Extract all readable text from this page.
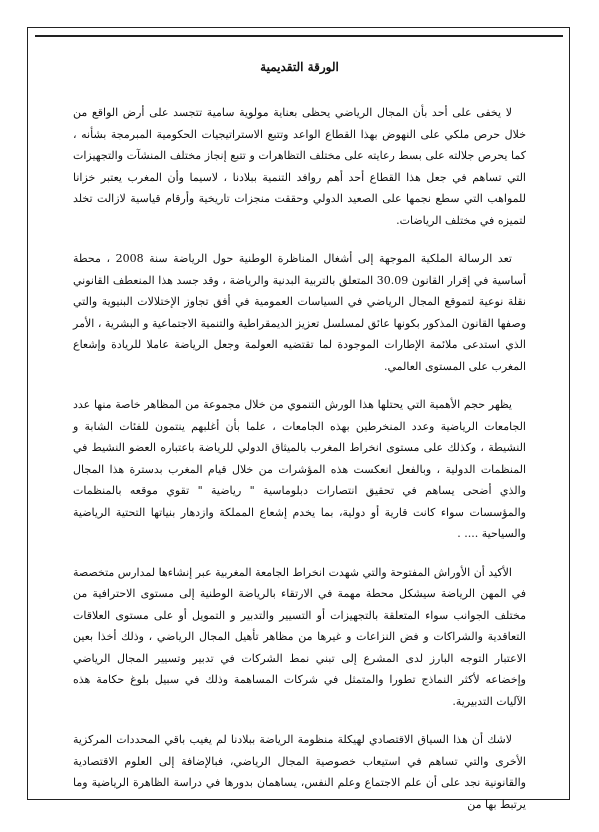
الورقة التقديمية

لا يخفى على أحد بأن المجال الرياضي يحظى بعناية مولوية سامية تتجسد على أرض الواقع من خلال حرص ملكي على النهوض بهذا القطاع الواعد وتتبع الاستراتيجيات الحكومية المبرمجة بشأنه ، كما يحرص جلالته على بسط رعايته على مختلف التظاهرات و تتبع إنجاز مختلف المنشآت والتجهيزات التي تساهم في جعل هذا القطاع أحد أهم روافد التنمية ببلادنا ، لاسيما وأن المغرب يعتبر خزانا للمواهب التي سطع نجمها على الصعيد الدولي وحققت منجزات تاريخية وأرقام قياسية لازالت تخلد لتميزه في مختلف الرياضات.

تعد الرسالة الملكية الموجهة إلى أشغال المناظرة الوطنية حول الرياضة سنة 2008 ، محطة أساسية في إقرار القانون 30.09 المتعلق بالتربية البدنية والرياضة ، وقد جسد هذا المنعطف القانوني نقلة نوعية لتموقع المجال الرياضي في السياسات العمومية في أفق تجاوز الإختلالات البنيوية والتي وصفها القانون المذكور بكونها عائق لمسلسل تعزيز الديمقراطية والتنمية الاجتماعية و البشرية ، الأمر الذي استدعى ملائمة الإطارات الموجودة لما تقتضيه العولمة وجعل الرياضة عاملا للريادة وإشعاع المغرب على المستوى العالمي.

يظهر حجم الأهمية التي يحتلها هذا الورش التنموي من خلال مجموعة من المظاهر خاصة منها عدد الجامعات الرياضية وعدد المنخرطين بهذه الجامعات ، علما بأن أغلبهم ينتمون للفئات الشابة و النشيطة ، وكذلك على مستوى انخراط المغرب بالميثاق الدولي للرياضة باعتباره العضو النشيط في المنظمات الدولية ، وبالفعل انعكست هذه المؤشرات من خلال قيام المغرب بدسترة هذا المجال والذي أضحى يساهم في تحقيق انتصارات دبلوماسية " رياضية " تقوي موقعه بالمنظمات والمؤسسات سواء كانت قارية أو دولية، بما يخدم إشعاع المملكة وازدهار بنياتها التحتية الرياضية والسياحية .... .

الأكيد أن الأوراش المفتوحة والتي شهدت انخراط الجامعة المغربية عبر إنشاءها لمدارس متخصصة في المهن الرياضة سيشكل محطة مهمة في الارتقاء بالرياضة الوطنية إلى مستوى الاحترافية من مختلف الجوانب سواء المتعلقة بالتجهيزات أو التسيير والتدبير و التمويل أو على مستوى العلاقات التعاقدية والشراكات و فض النزاعات و غيرها من مظاهر تأهيل المجال الرياضي ، وذلك أخذا بعين الاعتبار التوجه البارز لدى المشرع إلى تبني نمط الشركات في تدبير وتسيير المجال الرياضي وإخضاعه لأكثر النماذج تطورا والمتمثل في شركات المساهمة وذلك في سبيل بلوغ حكامة هذه الآليات التدبيرية.

لاشك أن هذا السياق الاقتصادي لهيكلة منظومة الرياضة ببلادنا لم يغيب باقي المحددات المركزية الأخرى والتي تساهم في استيعاب خصوصية المجال الرياضي، فبالإضافة إلى العلوم الاقتصادية والقانونية نجد على أن علم الاجتماع وعلم النفس، يساهمان بدورها في دراسة الظاهرة الرياضية وما يرتبط بها من
